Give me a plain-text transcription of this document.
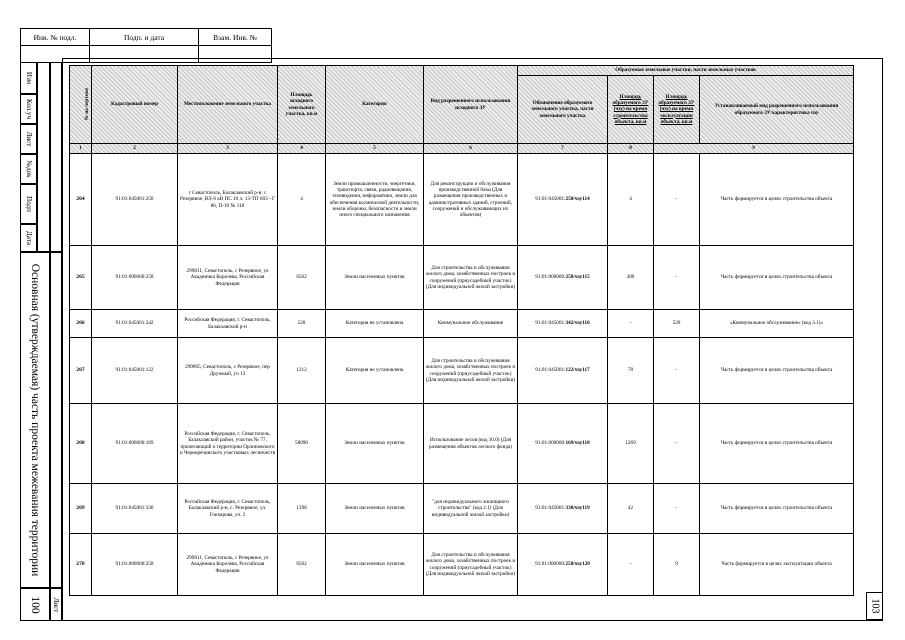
Инв. № подл.	Подп. и дата	Взам. Инв. №

Изм
Кол.уч
Лист
№док
Подп
Дата
Основная (утверждаемая) часть проекта межевания территории
100 Лист
№ на чертеже	Кадастровый номер	Местоположение земельного участка	Площадь исходного земельного участка, кв.м	Категория	Вид разрешенного использования исходного ЗУ	Образуемые земельные участки, части земельных участков			
						Обозначение образуемого земельного участка, части земельного участка	Площадь образуемого ЗУ (чзу) на время строительства объекта, кв.м	Площадь образуемого ЗУ (чзу) на время эксплуатации объекта, кв.м	Устанавливаемый вид разрешенного использования образуемого ЗУ/характеристика чзу
1	2	3	4	5	6	7	8	9	
264	91:01:045001:250	г Севастополь, Балаклавский р-н, с Резервное, ВЛ-6 кВ ПС 10 л. 13-ТП 603 - Г 86, П-10 № 118	4	Земли промышленности, энергетики, транспорта, связи, радиовещания, телевидения, информатики, земли для обеспечения космической деятельности, земли обороны, безопасности и земли иного специального назначения	Для реконструкции и обслуживания производственной базы (Для размещения производственных и административных зданий, строений, сооружений и обслуживающих их объектов)	91:01:045001:250/чзу114	4	-	Часть формируется в целях строительства объекта
265	91:01:000000:258	299811, Севастополь, с Резервное, ул Академика Королева, Российская Федерация	6562	Земли населенных пунктов	Для строительства и обслуживания жилого дома, хозяйственных построек и сооружений (приусадебный участок) (Для индивидуальной жилой застройки)	91:01:000000:258/чзу115	380	-	Часть формируется в целях строительства объекта
266	91:01:045001:342	Российская Федерация, г. Севастополь, Балаклавский р-н	520	Категория не установлена	Коммунальное обслуживание	91:01:045001:342/чзу116	-	520	«Коммунальное обслуживание» (код 3.1)»
267	91:01:045001:122	299805, Севастополь, с Резервное, пер Дружный, уч 13	1212	Категория не установлена	Для строительства и обслуживания жилого дома, хозяйственных построек и сооружений (приусадебный участок) (Для индивидуальной жилой застройки)	91:01:045001:122/чзу117	78	-	Часть формируется в целях строительства объекта
268	91:01:000000:169	Российская Федерация, г. Севастополь, Балаклавский район, участок № 77, прилегающий к территории Орлиновского и Черноречинского участковых лесничеств	58090	Земли населенных пунктов	Использование лесов (код 10.0) (Для размещения объектов лесного фонда)	91:01:000000:169/чзу118	1269	-	Часть формируется в целях строительства объекта
269	91:01:045001:330	Российская Федерация, г. Севастополь, Балаклавский р-н, с. Резервное, ул. Гончарова, уч. 2	1398	Земли населенных пунктов	"для индивидуального жилищного строительства" (код 2.1) (Для индивидуальной жилой застройки)	91:01:045001:330/чзу119	42	-	Часть формируется в целях строительства объекта
270	91:01:000000:258	299811, Севастополь, с Резервное, ул Академика Королева, Российская Федерация	6562	Земли населенных пунктов	Для строительства и обслуживания жилого дома, хозяйственных построек и сооружений (приусадебный участок) (Для индивидуальной жилой застройки)	91:01:000000:258/чзу120	-	9	Часть формируется в целях эксплуатации объекта
103
